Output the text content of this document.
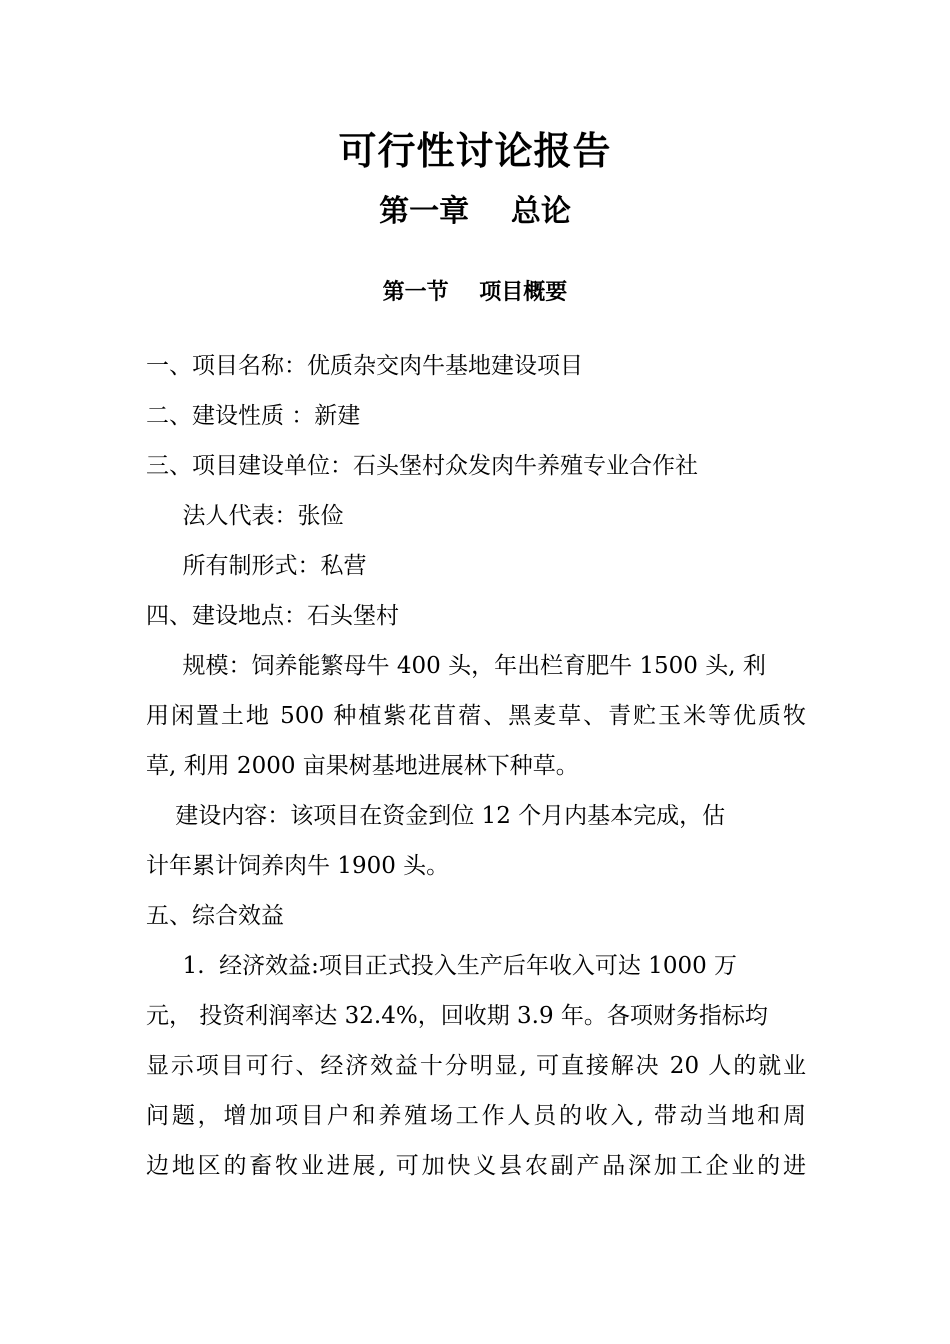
可行性讨论报告
第一章    总论
第一节    项目概要
一、项目名称：优质杂交肉牛基地建设项目
二、建设性质 ：新建
三、项目建设单位：石头堡村众发肉牛养殖专业合作社
法人代表：张俭
所有制形式：私营
四、建设地点：石头堡村
规模：饲养能繁母牛 400 头，年出栏育肥牛 1500 头, 利
用闲置土地 500 种植紫花苜蓿、黑麦草、青贮玉米等优质牧
草, 利用 2000 亩果树基地进展林下种草。
建设内容：该项目在资金到位 12 个月内基本完成，估
计年累计饲养肉牛 1900 头。
五、综合效益
1.  经济效益:项目正式投入生产后年收入可达 1000 万
元， 投资利润率达 32.4%，回收期 3.9 年。各项财务指标均
显示项目可行、经济效益十分明显, 可直接解决 20 人的就业
问题，增加项目户和养殖场工作人员的收入, 带动当地和周
边地区的畜牧业进展, 可加快义县农副产品深加工企业的进
